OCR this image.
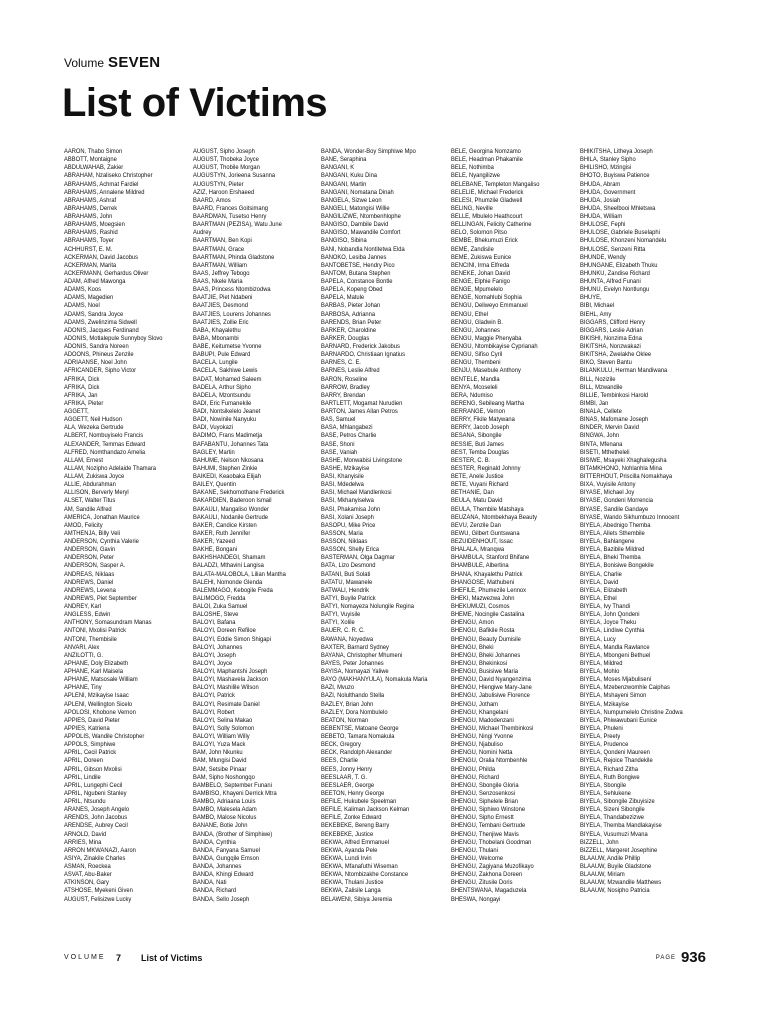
Volume SEVEN
List of Victims
AARON, Thabo Simon
ABBOTT, Montaigne
ABDULWAHAB, Zakier
ABRAHAM, Nzaliseko Christopher
ABRAHAMS, Achmat Fardiel
ABRAHAMS, Annalene Mildred
ABRAHAMS, Ashraf
ABRAHAMS, Derrek
ABRAHAMS, John
ABRAHAMS, Moegsien
ABRAHAMS, Rashid
ABRAHAMS, Toyer
ACHHURST, E. M.
ACKERMAN, David Jacobus
ACKERMAN, Marita
ACKERMANN, Gerhardus Oliver
ADAM, Alfred Mawonga
ADAMS, Koos
ADAMS, Magedien
ADAMS, Noel
ADAMS, Sandra Joyce
ADAMS, Zwelinzima Sidwell
ADONIS, Jacques Ferdinand
ADONIS, Motlalepule Sunnyboy Slovo
ADONIS, Sandra Noreen
ADOONS, Phineus Zenzile
ADRIAANSE, Noel John
AFRICANDER, Sipho Victor
AFRIKA, Dick
AFRIKA, Dick
AFRIKA, Jan
AFRIKA, Pieter
AGGETT,
AGGETT, Neil Hudson
ALA, Wezeka Gertrude
ALBERT, Nombuyiselo Francis
ALEXANDER, Temmas Edward
ALFRED, Nomthandazo Amelia
ALLAM, Ernest
ALLAM, Nozipho Adelaide Thamara
ALLAM, Zukiswa Joyce
ALLIE, Abdurahman
ALLISON, Berverly Meryl
ALSET, Walter Titus
AM, Sandile Alfred
AMERICA, Jonathan Maurice
AMOD, Felicity
AMTHENJA, Billy Veli
ANDERSON, Cynthia Valerie
ANDERSON, Gavin
ANDERSON, Peter
ANDERSON, Sasper A.
ANDREAS, Niklaas
ANDREWS, Daniel
ANDREWS, Levena
ANDREWS, Piet September
ANDREY, Karl
ANGLESS, Edwin
ANTHONY, Somasundram Manas
ANTONI, Mxolisi Patrick
ANTONI, Thembisile
ANVARI, Alex
ANZILOTTI, G.
APHANE, Doly Elizabeth
APHANE, Karl Maisela
APHANE, Matsosale William
APHANE, Tiny
APLENI, Mzikayise Isaac
APLENI, Wellington Sicelo
APOLOSI, Khobone Vernon
APPIES, David Pieter
APPIES, Katriena
APPOLIS, Wandile Christopher
APPOLS, Simphiwe
APRIL, Cecil Patrick
APRIL, Doreen
APRIL, Gibson Mxolisi
APRIL, Lindile
APRIL, Lungephi Cecil
APRIL, Ngubeni Stanley
APRIL, Ntsundu
ARANES, Joseph Angelo
ARENDS, John Jacobus
ARENDSE, Aubrey Cecil
ARNOLD, David
ARRIES, Mina
ARRON MKWANAZI, Aaron
ASIYA, Zinakile Charles
ASMAN, Roeckea
ASVAT, Abu-Baker
ATKINSON, Gary
ATSHOSE, Myekeni Given
AUGUST, Felisizwe Lucky
AUGUST, Sipho Joseph
AUGUST, Thobeka Joyce
AUGUST, Thobile Morgan
AUGUSTYN, Jorieena Susanna
AUGUSTYN, Pieter
AZIZ, Haroon Ershaeed
BAARD, Amos
BAARD, Frances Goitsimang
BAARDMAN, Tusetso Henry
BAARTMAN (PEZISA), Watu June
Audrey
BAARTMAN, Ben Kopi
BAARTMAN, Grace
BAARTMAN, Phinda Gladstone
BAARTMAN, William
BAAS, Jeffrey Tebogo
BAAS, Nkele Maria
BAAS, Princess Ntombizodwa
BAATJIE, Piet Ndabeni
BAATJIES, Desmond
BAATJIES, Lourens Johannes
BAATJIES, Zollie Eric
BABA, Khayalethu
BABA, Mbonambi
BABE, Keitumetse Yvonne
BABUPI, Pule Edward
BACELA, Lungile
BACELA, Sakhiwe Lewis
BADAT, Mohamed Saleem
BADELA, Arthur Sipho
BADELA, Mzontsundu
BADI, Eric Fumanekile
BADI, Nontsikelelo Jeanet
BADI, Nowinile Nanyuku
BADI, Vuyokazi
BADIMO, Frans Madimetja
BAFABANTU, Johannes Tata
BAGLEY, Martin
BAHUME, Nelson Nkosana
BAHUMI, Stephen Zinkie
BAIKEDI, Keaobaka Elijah
BAILEY, Quentin
BAKANE, Sekhomothane Frederick
BAKARDIEN, Baderoon Ismail
BAKAULI, Mangaliso Wonder
BAKAULI, Nodanile Gertrude
BAKER, Candice Kirsten
BAKER, Ruth Jennifer
BAKER, Yazeed
BAKHE, Bongani
BAKHSHANDEGI, Shamam
BALADZI, Mthavini Langisa
BALATA-MALOBOLA, Lilian Mantha
BALEHI, Nomonde Glenda
BALEMMAGO, Kebogile Freda
BALIMOGO, Fredda
BALOI, Zuka Samuel
BALOSHE, Steve
BALOYI, Bafana
BALOYI, Doreen Refiloe
BALOYI, Eddie Simon Shigapi
BALOYI, Johannes
BALOYI, Joseph
BALOYI, Joyce
BALOYI, Maphantshi Joseph
BALOYI, Mashavela Jackson
BALOYI, Mashilile Wilson
BALOYI, Patrick
BALOYI, Resimate Daniel
BALOYI, Robert
BALOYI, Selina Makao
BALOYI, Solly Solomon
BALOYI, William Willy
BALOYI, Yuza Mack
BAM, John Nkunku
BAM, Mlungisi David
BAM, Setsibe Pinaar
BAM, Sipho Noshongqo
BAMBELO, September Funani
BAMBISO, Khayeni Derrick Mtra
BAMBO, Adriaana Louis
BAMBO, Malesela Adam
BAMBO, Malose Nicolus
BANANE, Botie John
BANDA, (Brother of Simphiwe)
BANDA, Cynthia
BANDA, Fanyana Samuel
BANDA, Gungqile Emson
BANDA, Johannes
BANDA, Khingi Edward
BANDA, Nati
BANDA, Richard
BANDA, Sello Joseph
BANDA, Wonder-Boy Simphiwe Mpo
BANE, Seraphina
BANGANI, K
BANGANI, Kuku Dina
BANGANI, Martin
BANGANI, Nomatana Dinah
BANGELA, Sizwe Leon
BANGELI, Matongisi Willie
BANGILIZWE, Ntombenhlophe
BANGISO, Dambile David
BANGISO, Mawandile Comfort
BANGISO, Sibina
BANI, Nobandla Nontitetwa Elda
BANOKO, Lesiba Jannes
BANTOBETSE, Hendry Pico
BANTOM, Butana Stephen
BAPELA, Constance Bontle
BAPELA, Kopeng Obed
BAPELA, Matule
BARBAS, Pieter Johan
BARBOSA, Adrianna
BARENDS, Brian Peter
BARKER, Charoldine
BARKER, Douglas
BARNARD, Frederick Jakobus
BARNARDO, Christiaan Ignatius
BARNES, C. E.
BARNES, Leslie Alfred
BARON, Roseline
BARROW, Bradley
BARRY, Brendan
BARTLETT, Mogamat Nurudien
BARTON, James Allan Petros
BAS, Samuel
BASA, Mhlangabezi
BASE, Petros Charlie
BASE, Shoni
BASE, Vaniah
BASHE, Monwabisi Livingstone
BASHE, Mzikayise
BASI, Khanyisile
BASI, Mdedelwa
BASI, Michael Mandlenkosi
BASI, Mkhanyiselwa
BASI, Phakamisa John
BASI, Xolani Joseph
BASOPU, Mike Price
BASSON, Maria
BASSON, Niklaas
BASSON, Shelly Erica
BASTERMAN, Olga Dagmar
BATA, Lizo Desmond
BATANI, Buti Solati
BATATU, Mawanele
BATWALI, Hendrik
BATYI, Buyile Patrick
BATYI, Nomayeza Nolungile Regina
BATYI, Vuyisile
BATYI, Xolile
BAUER, C. R. C.
BAWANA, Noyedwa
BAXTER, Barnard Sydney
BAYANA, Christopher Mhumeni
BAYES, Peter Johannes
BAYISA, Nomayazi Yaliwe
BAYO (MAKHANYULA), Nomakula Maria
BAZI, Mvuzo
BAZI, Nolulthando Stella
BAZLEY, Brian John
BAZLEY, Dora Nombulelo
BEATON, Norman
BEBENTSE, Matoane George
BEBETO, Tamara Nomakula
BECK, Gregory
BECK, Randolph Alexander
BEES, Charlie
BEES, Jonny Henry
BEESLAAR, T. G.
BEESLAER, George
BEETON, Henry George
BEFILE, Hukubele Speelman
BEFILE, Kaliman Jackson Kelman
BEFILE, Zonke Edward
BEKEBEKE, Bereng Barry
BEKEBEKE, Justice
BEKWA, Alfred Emmanuel
BEKWA, Ayanda Pele
BEKWA, Lundi Irvin
BEKWA, Mfanafuthi Wiseman
BEKWA, Ntombizakhe Constance
BEKWA, Thulani Justice
BEKWA, Zalisile Langa
BELAWENI, Sibiya Jeremia
BELE, Georgina Nomzamo
BELE, Headman Phakamile
BELE, Nothimba
BELE, Nyangilizwe
BELEBANE, Templeton Mangaliso
BELELIE, Michael Frederick
BELESI, Phumzile Gladwell
BELING, Neville
BELLE, Mbulelo Heathcourt
BELLINGAN, Felicity Catherine
BELO, Solomon Pitso
BEMBE, Bhekumuzi Erick
BEME, Zandisile
BEME, Zukiswa Eunice
BENCINI, Irma Elfreda
BENEKE, Johan David
BENGE, Elphie Fanigo
BENGE, Mpumelelo
BENGE, Nomahlubi Sophia
BENGU, Deliweyo Emmanuel
BENGU, Ethel
BENGU, Gladwin B.
BENGU, Johannes
BENGU, Maggie Phenyaba
BENGU, Ntombikayise Cyprianah
BENGU, Sifiso Cyril
BENGU, Thembeni
BENJU, Masebule Anthony
BENTELE, Mandla
BENYA, Mcoseleli
BERA, Ndumiso
BERENG, Sebileang Martha
BERRANGE, Vernon
BERRY, Fikile Matywana
BERRY, Jacob Joseph
BESANA, Sibongile
BESSIE, Buti James
BEST, Temba Douglas
BESTER, C. B.
BESTER, Reginald Johnny
BETE, Anele Justice
BETE, Vuyani Richard
BETHANIE, Dan
BEULA, Matu David
BEULA, Thembile Matshaya
BEUZANA, Ntombekhaya Beauty
BEVU, Zenzile Dan
BEWU, Gilbert Guntswana
BEZUIDENHOUT, Issac
BHALALA, Mranqwa
BHAMBULA, Stanford Bhifane
BHAMBULE, Albertina
BHANA, Khayalethu Patrick
BHANGOSE, Mathubeni
BHEFILE, Phumezile Lennox
BHEKI, Mazwezwa John
BHEKUMUZI, Cosmos
BHEME, Nocingile Castalina
BHENGU, Amon
BHENGU, Bafikile Rosta
BHENGU, Beauty Dumisile
BHENGU, Bheki
BHENGU, Bheki Johannes
BHENGU, Bhekinkosi
BHENGU, Busisiwe Maria
BHENGU, David Nyangenzima
BHENGU, Hlengiwe Mary-Jane
BHENGU, Jabulisiwe Florence
BHENGU, Jotham
BHENGU, Khangelani
BHENGU, Madodenzani
BHENGU, Michael Thembinkosi
BHENGU, Ningi Yvonne
BHENGU, Njabuliso
BHENGU, Nomini Netta
BHENGU, Oralia Ntombenhle
BHENGU, Philda
BHENGU, Richard
BHENGU, Sbongile Gloria
BHENGU, Senzosenkosi
BHENGU, Siphelele Brian
BHENGU, Siphiwo Winstone
BHENGU, Sipho Ernestt
BHENGU, Tembani Gertrude
BHENGU, Thenjiwe Mavis
BHENGU, Thobelani Goodman
BHENGU, Thulani
BHENGU, Welcome
BHENGU, Zagiyana Muzofikayo
BHENGU, Zakhona Doreen
BHENGU, Zitusile Doris
BHENTSWANA, Magaduzela
BHESWA, Nongayi
BHIKITSHA, Litheya Joseph
BHILA, Stanley Sipho
BHILISHO, Mzingisi
BHOTO, Buyiswa Patience
BHUDA, Abram
BHUDA, Government
BHUDA, Josiah
BHUDA, Sheelbooi Mhletswa
BHUDA, William
BHULOSE, Fephi
BHULOSE, Gabriele Buselaphi
BHULOSE, Khonzeni Nomandelu
BHULOSE, Senzeni Ritta
BHUNDE, Wendy
BHUNGANE, Elizabeth Thuku
BHUNKU, Zandise Richard
BHUNTA, Alfred Funani
BHUNU, Evelyn Nontlungu
BHUYE,
BIBI, Michael
BIEHL, Amy
BIGGARS, Clifford Henry
BIGGARS, Leslie Adrian
BIKISHI, Nonzima Edna
BIKITSHA, Nonzwakazi
BIKITSHA, Zwelakhe Oklee
BIKO, Steven Bantu
BILANKULU, Herman Mandiwana
BILL, Nozizile
BILL, Mzwandile
BILLIE, Tembinkosi Harold
BIMBI, Jan
BINALA, Cellete
BINAS, Mafomane Joseph
BINDER, Mervin David
BINGWA, John
BINTA, Mfenana
BISETI, Mthetheleli
BISIWE, Msayeki Xhaghalegusha
BITAMKHONO, Nohlanhla Mina
BITTERHOUT, Priscilla Nomakhaya
BIXA, Vuyisile Antony
BIYASE, Michael Joy
BIYASE, Gondeni Morrencia
BIYASE, Sandile Gandaye
BIYASE, Wando Sikhumbuzo Innocent
BIYELA, Abednigo Themba
BIYELA, Allets Sthembile
BIYELA, Bahlangene
BIYELA, Bazibile Mildred
BIYELA, Bheki Themba
BIYELA, Bonisiwe Bongekile
BIYELA, Charlie
BIYELA, David
BIYELA, Elizabeth
BIYELA, Ethel
BIYELA, Ivy Thandi
BIYELA, John Qondeni
BIYELA, Joyce Theku
BIYELA, Lindiwe Cynthia
BIYELA, Lucy
BIYELA, Mandla Rawlance
BIYELA, Mbongeni Bethuel
BIYELA, Mildred
BIYELA, Mohlo
BIYELA, Moses Mjabulisení
BIYELA, Mzebenzwomhle Caiphas
BIYELA, Mshayeni Simon
BIYELA, Mzikayise
BIYELA, Numpumelelo Christine Zodwa
BIYELA, Phiwawubani Eunice
BIYELA, Phuleni
BIYELA, Preety
BIYELA, Prudence
BIYELA, Qondeni Maureen
BIYELA, Rejoice Thandekile
BIYELA, Richard Zitha
BIYELA, Ruth Bongiwe
BIYELA, Sbongile
BIYELA, Sehlukene
BIYELA, Sibongile Zibuyisize
BIYELA, Sizeni Sibongile
BIYELA, Thandabezizwe
BIYELA, Themba Mandlakayise
BIYELA, Vusumuzi Mvana
BIZZELL, John
BIZZELL, Margeret Josephine
BLAAUW, Andile Phillip
BLAAUW, Buyile Gladstone
BLAAUW, Miriam
BLAAUW, Mzwandile Matthews
BLAAUW, Nosipho Patricia
VOLUME 7 List of Victims	PAGE 936
